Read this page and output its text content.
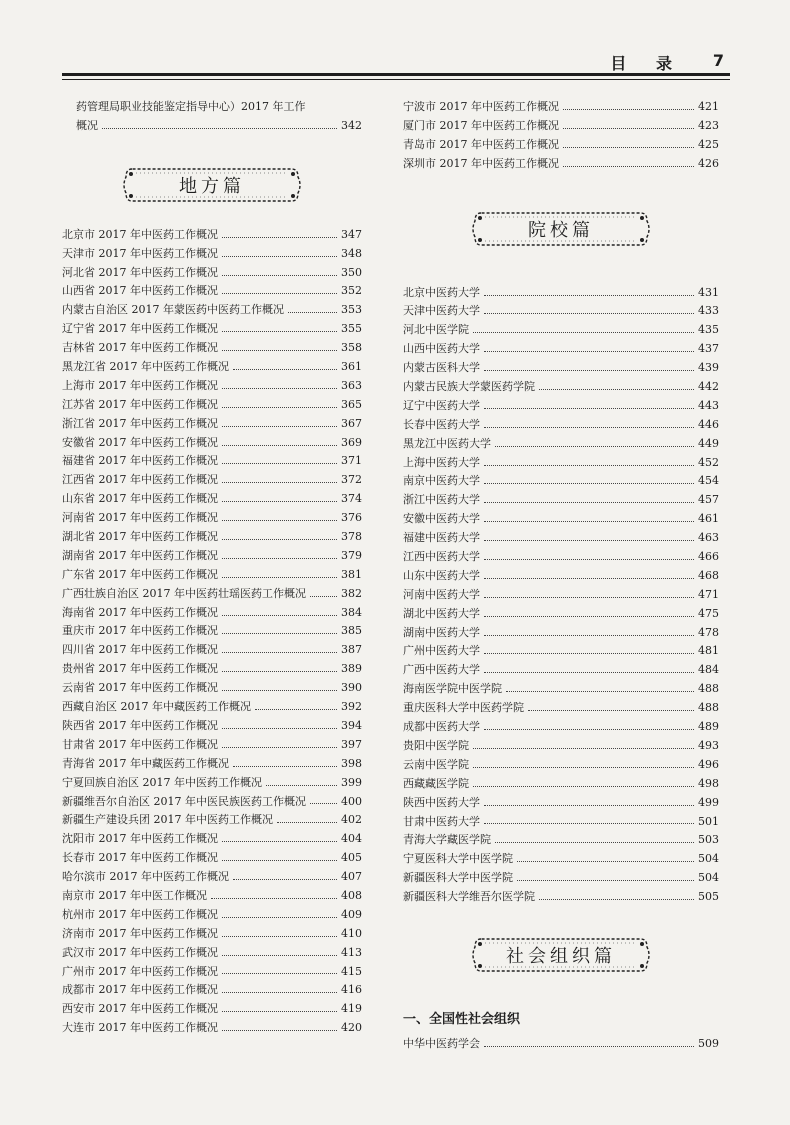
目 录 7
药管理局职业技能鉴定指导中心）2017 年工作
概况	342
地方篇
北京市 2017 年中医药工作概况	347
天津市 2017 年中医药工作概况	348
河北省 2017 年中医药工作概况	350
山西省 2017 年中医药工作概况	352
内蒙古自治区 2017 年蒙医药中医药工作概况	353
辽宁省 2017 年中医药工作概况	355
吉林省 2017 年中医药工作概况	358
黑龙江省 2017 年中医药工作概况	361
上海市 2017 年中医药工作概况	363
江苏省 2017 年中医药工作概况	365
浙江省 2017 年中医药工作概况	367
安徽省 2017 年中医药工作概况	369
福建省 2017 年中医药工作概况	371
江西省 2017 年中医药工作概况	372
山东省 2017 年中医药工作概况	374
河南省 2017 年中医药工作概况	376
湖北省 2017 年中医药工作概况	378
湖南省 2017 年中医药工作概况	379
广东省 2017 年中医药工作概况	381
广西壮族自治区 2017 年中医药壮瑶医药工作概况	382
海南省 2017 年中医药工作概况	384
重庆市 2017 年中医药工作概况	385
四川省 2017 年中医药工作概况	387
贵州省 2017 年中医药工作概况	389
云南省 2017 年中医药工作概况	390
西藏自治区 2017 年中藏医药工作概况	392
陕西省 2017 年中医药工作概况	394
甘肃省 2017 年中医药工作概况	397
青海省 2017 年中藏医药工作概况	398
宁夏回族自治区 2017 年中医药工作概况	399
新疆维吾尔自治区 2017 年中医民族医药工作概况	400
新疆生产建设兵团 2017 年中医药工作概况	402
沈阳市 2017 年中医药工作概况	404
长春市 2017 年中医药工作概况	405
哈尔滨市 2017 年中医药工作概况	407
南京市 2017 年中医工作概况	408
杭州市 2017 年中医药工作概况	409
济南市 2017 年中医药工作概况	410
武汉市 2017 年中医药工作概况	413
广州市 2017 年中医药工作概况	415
成都市 2017 年中医药工作概况	416
西安市 2017 年中医药工作概况	419
大连市 2017 年中医药工作概况	420
宁波市 2017 年中医药工作概况	421
厦门市 2017 年中医药工作概况	423
青岛市 2017 年中医药工作概况	425
深圳市 2017 年中医药工作概况	426
院校篇
北京中医药大学	431
天津中医药大学	433
河北中医学院	435
山西中医药大学	437
内蒙古医科大学	439
内蒙古民族大学蒙医药学院	442
辽宁中医药大学	443
长春中医药大学	446
黑龙江中医药大学	449
上海中医药大学	452
南京中医药大学	454
浙江中医药大学	457
安徽中医药大学	461
福建中医药大学	463
江西中医药大学	466
山东中医药大学	468
河南中医药大学	471
湖北中医药大学	475
湖南中医药大学	478
广州中医药大学	481
广西中医药大学	484
海南医学院中医学院	488
重庆医科大学中医药学院	488
成都中医药大学	489
贵阳中医学院	493
云南中医学院	496
西藏藏医学院	498
陕西中医药大学	499
甘肃中医药大学	501
青海大学藏医学院	503
宁夏医科大学中医学院	504
新疆医科大学中医学院	504
新疆医科大学维吾尔医学院	505
社会组织篇
一、全国性社会组织
中华中医药学会	509
